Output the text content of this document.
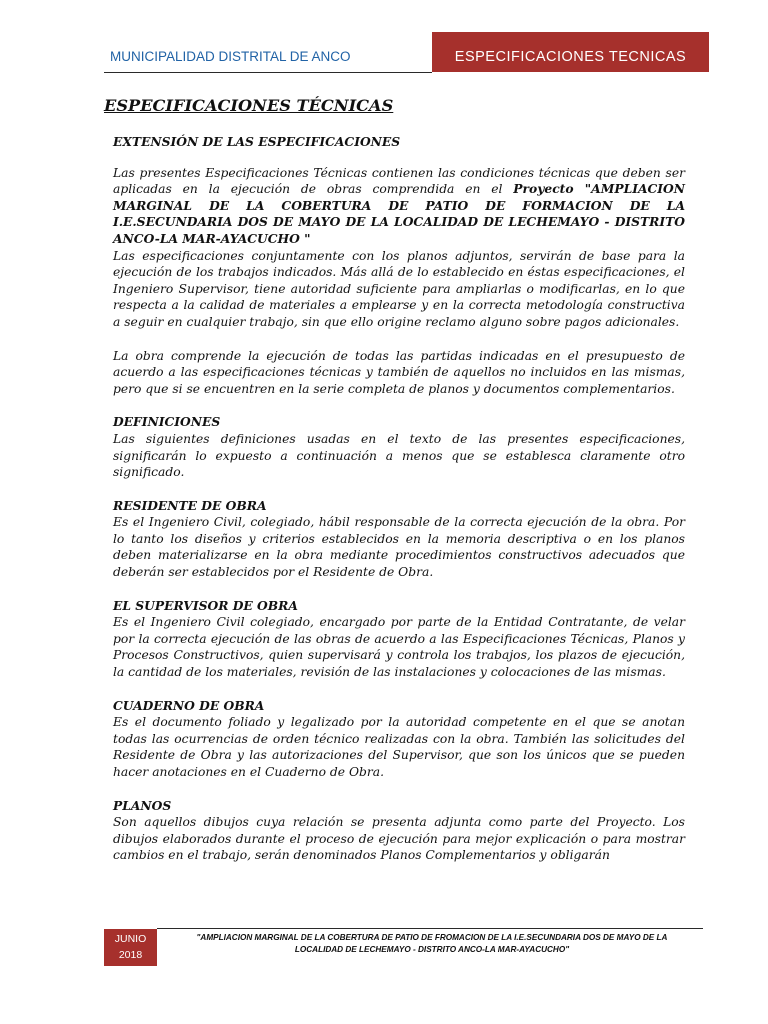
MUNICIPALIDAD DISTRITAL DE ANCO	ESPECIFICACIONES TECNICAS
ESPECIFICACIONES TÉCNICAS
EXTENSIÓN DE LAS ESPECIFICACIONES

Las presentes Especificaciones Técnicas contienen las condiciones técnicas que deben ser aplicadas en la ejecución de obras comprendida en el Proyecto "AMPLIACION MARGINAL DE LA COBERTURA DE PATIO DE FORMACION DE LA I.E.SECUNDARIA DOS DE MAYO DE LA LOCALIDAD DE LECHEMAYO - DISTRITO ANCO-LA MAR-AYACUCHO "

Las especificaciones conjuntamente con los planos adjuntos, servirán de base para la ejecución de los trabajos indicados. Más allá de lo establecido en éstas especificaciones, el Ingeniero Supervisor, tiene autoridad suficiente para ampliarlas o modificarlas, en lo que respecta a la calidad de materiales a emplearse y en la correcta metodología constructiva a seguir en cualquier trabajo, sin que ello origine reclamo alguno sobre pagos adicionales.

La obra comprende la ejecución de todas las partidas indicadas en el presupuesto de acuerdo a las especificaciones técnicas y también de aquellos no incluidos en las mismas, pero que si se encuentren en la serie completa de planos y documentos complementarios.

DEFINICIONES

Las siguientes definiciones usadas en el texto de las presentes especificaciones, significarán lo expuesto a continuación a menos que se establesca claramente otro significado.

RESIDENTE DE OBRA

Es el Ingeniero Civil, colegiado, hábil responsable de la correcta ejecución de la obra. Por lo tanto los diseños y criterios establecidos en la memoria descriptiva o en los planos deben materializarse en la obra mediante procedimientos constructivos adecuados que deberán ser establecidos por el Residente de Obra.

EL SUPERVISOR DE OBRA

Es el Ingeniero Civil colegiado, encargado por parte de la Entidad Contratante, de velar por la correcta ejecución de las obras de acuerdo a las Especificaciones Técnicas, Planos y Procesos Constructivos, quien supervisará y controla los trabajos, los plazos de ejecución, la cantidad de los materiales, revisión de las instalaciones y colocaciones de las mismas.

CUADERNO DE OBRA

Es el documento foliado y legalizado por la autoridad competente en el que se anotan todas las ocurrencias de orden técnico realizadas con la obra. También las solicitudes del Residente de Obra y las autorizaciones del Supervisor, que son los únicos que se pueden hacer anotaciones en el Cuaderno de Obra.

PLANOS

Son aquellos dibujos cuya relación se presenta adjunta como parte del Proyecto. Los dibujos elaborados durante el proceso de ejecución para mejor explicación o para mostrar cambios en el trabajo, serán denominados Planos Complementarios y obligarán

JUNIO
2018
"AMPLIACION MARGINAL DE LA COBERTURA DE PATIO DE FROMACION DE LA I.E.SECUNDARIA DOS DE MAYO DE LA LOCALIDAD DE LECHEMAYO - DISTRITO ANCO-LA MAR-AYACUCHO"
